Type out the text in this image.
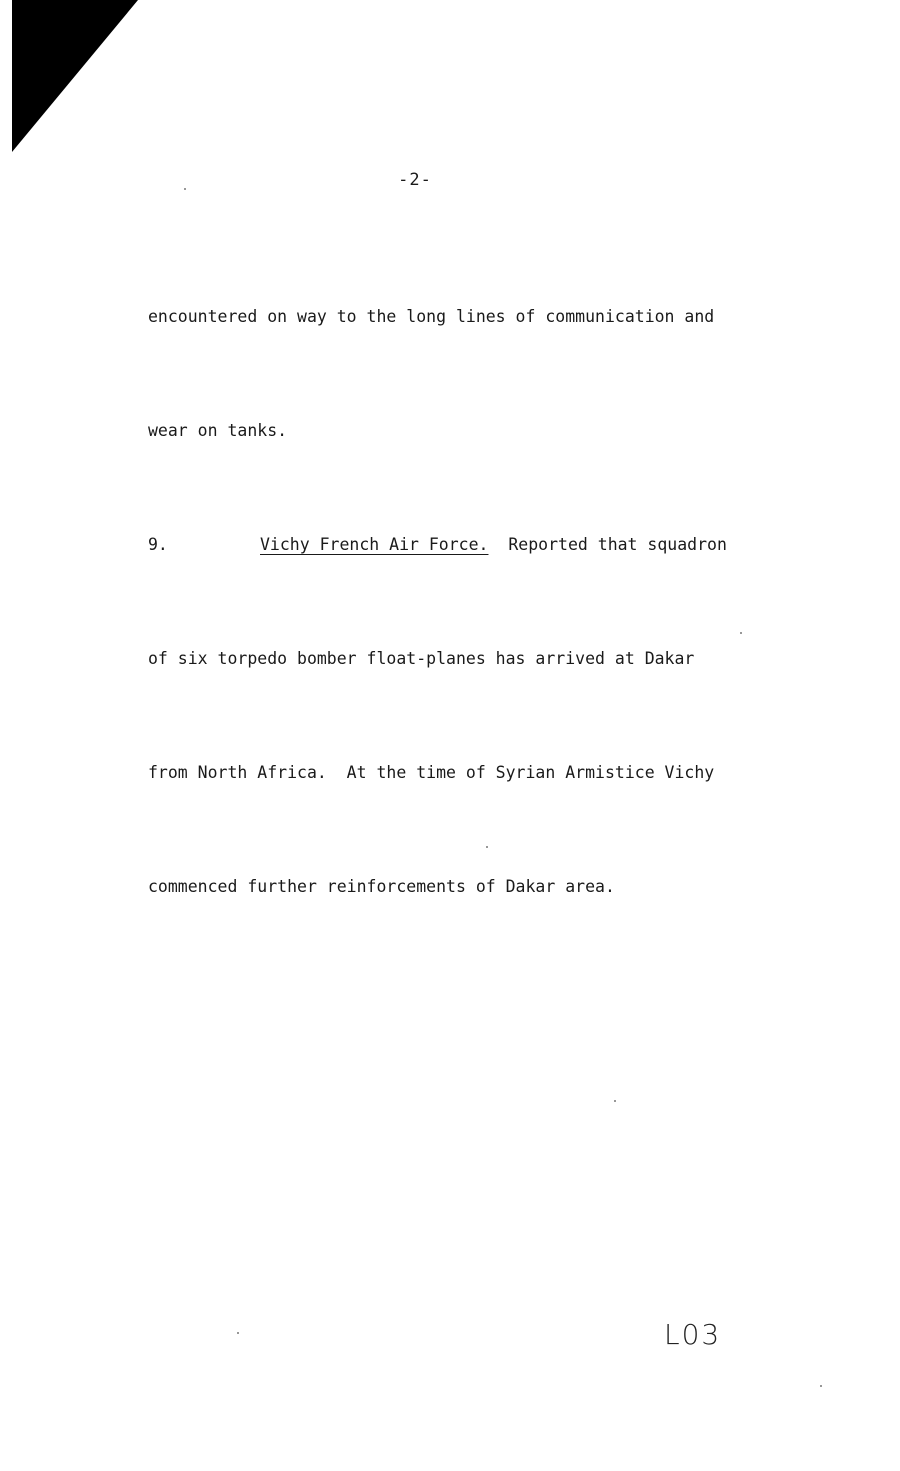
-2-

encountered on way to the long lines of communication and

wear on tanks.

9.	Vichy French Air Force.  Reported that squadron

of six torpedo bomber float-planes has arrived at Dakar

from North Africa.  At the time of Syrian Armistice Vichy

commenced further reinforcements of Dakar area.

L03
